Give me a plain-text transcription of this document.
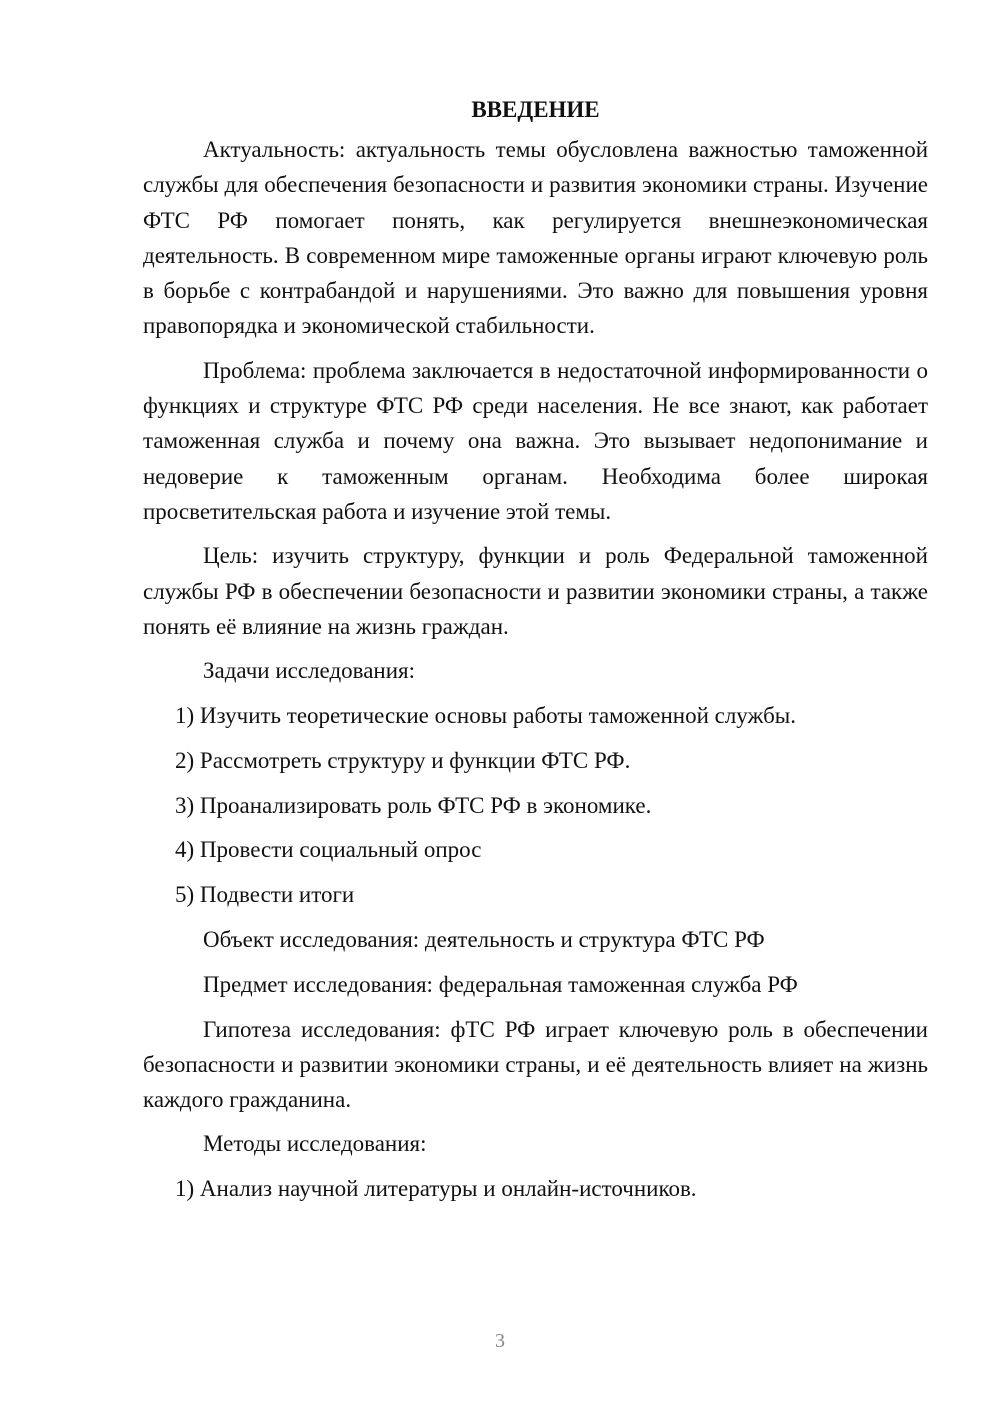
ВВЕДЕНИЕ

Актуальность: актуальность темы обусловлена важностью таможенной службы для обеспечения безопасности и развития экономики страны. Изучение ФТС РФ помогает понять, как регулируется внешнеэкономическая деятельность. В современном мире таможенные органы играют ключевую роль в борьбе с контрабандой и нарушениями. Это важно для повышения уровня правопорядка и экономической стабильности.

Проблема: проблема заключается в недостаточной информированности о функциях и структуре ФТС РФ среди населения. Не все знают, как работает таможенная служба и почему она важна. Это вызывает недопонимание и недоверие к таможенным органам. Необходима более широкая просветительская работа и изучение этой темы.

Цель: изучить структуру, функции и роль Федеральной таможенной службы РФ в обеспечении безопасности и развитии экономики страны, а также понять её влияние на жизнь граждан.

Задачи исследования:
1) Изучить теоретические основы работы таможенной службы.
2) Рассмотреть структуру и функции ФТС РФ.
3) Проанализировать роль ФТС РФ в экономике.
4) Провести социальный опрос
5) Подвести итоги
Объект исследования: деятельность и структура ФТС РФ
Предмет исследования: федеральная таможенная служба РФ

Гипотеза исследования: фТС РФ играет ключевую роль в обеспечении безопасности и развитии экономики страны, и её деятельность влияет на жизнь каждого гражданина.

Методы исследования:
1) Анализ научной литературы и онлайн-источников.
3
